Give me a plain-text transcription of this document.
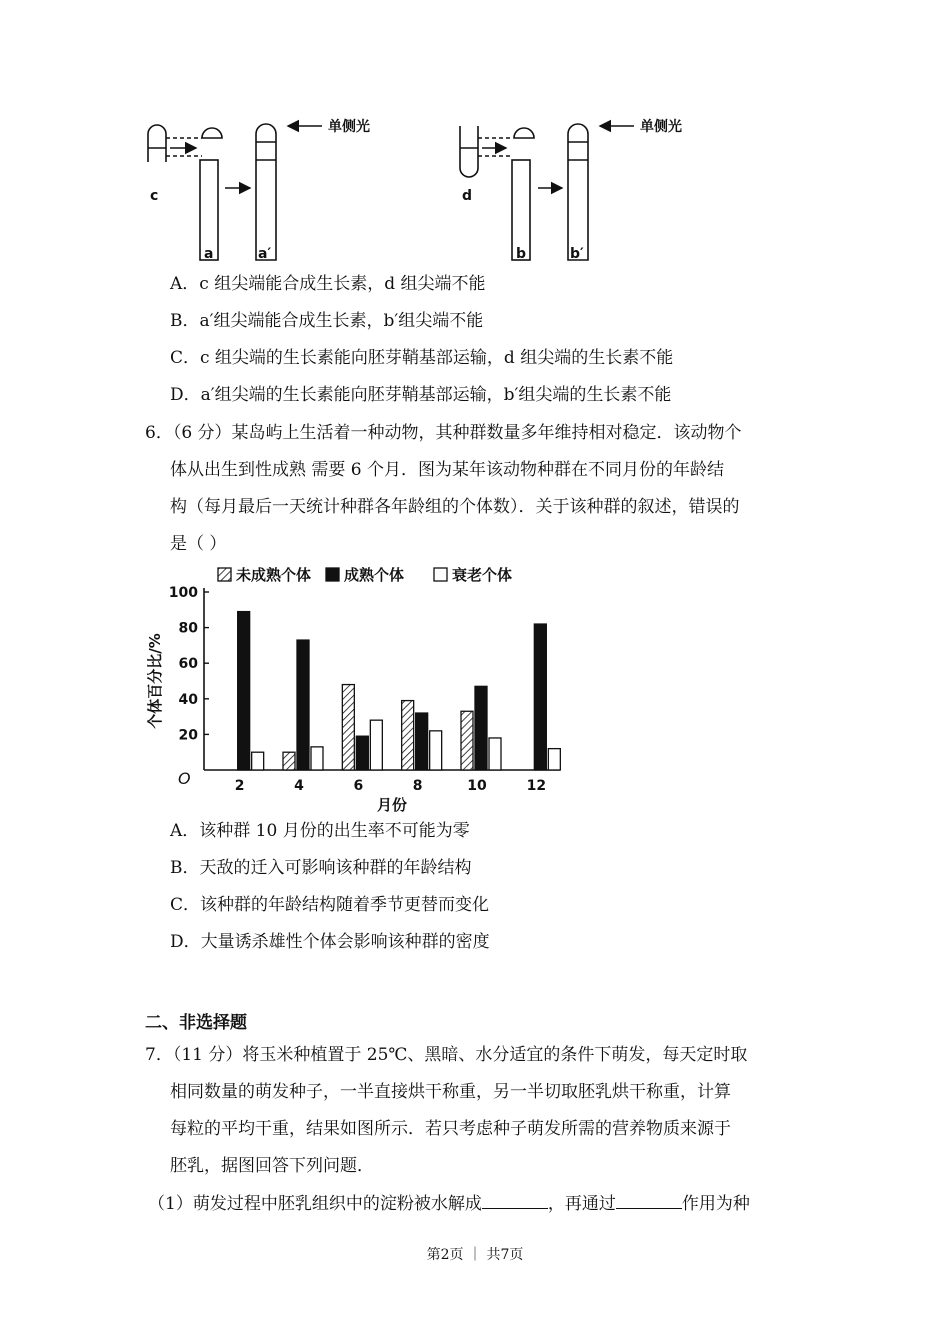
单侧光	单侧光
c
a	a′
d
b	b′
A．c 组尖端能合成生长素，d 组尖端不能
B．a′组尖端能合成生长素，b′组尖端不能
C．c 组尖端的生长素能向胚芽鞘基部运输，d 组尖端的生长素不能
D．a′组尖端的生长素能向胚芽鞘基部运输，b′组尖端的生长素不能
6．（6 分）某岛屿上生活着一种动物，其种群数量多年维持相对稳定．该动物个
体从出生到性成熟 需要 6 个月．图为某年该动物种群在不同月份的年龄结
构（每月最后一天统计种群各年龄组的个体数）．关于该种群的叙述，错误的
是（ ）
20
40
60
80
100
O
个体百分比/%
月份
2	4	6	8	10	12
未成熟个体 成熟个体	衰老个体
A．该种群 10 月份的出生率不可能为零
B．天敌的迁入可影响该种群的年龄结构
C．该种群的年龄结构随着季节更替而变化
D．大量诱杀雄性个体会影响该种群的密度
二、非选择题
7．（11 分）将玉米种植置于 25℃、黑暗、水分适宜的条件下萌发，每天定时取
相同数量的萌发种子，一半直接烘干称重，另一半切取胚乳烘干称重，计算
每粒的平均干重，结果如图所示．若只考虑种子萌发所需的营养物质来源于
胚乳，据图回答下列问题．
（1）萌发过程中胚乳组织中的淀粉被水解成	，再通过	作用为种
第2页 ｜ 共7页
